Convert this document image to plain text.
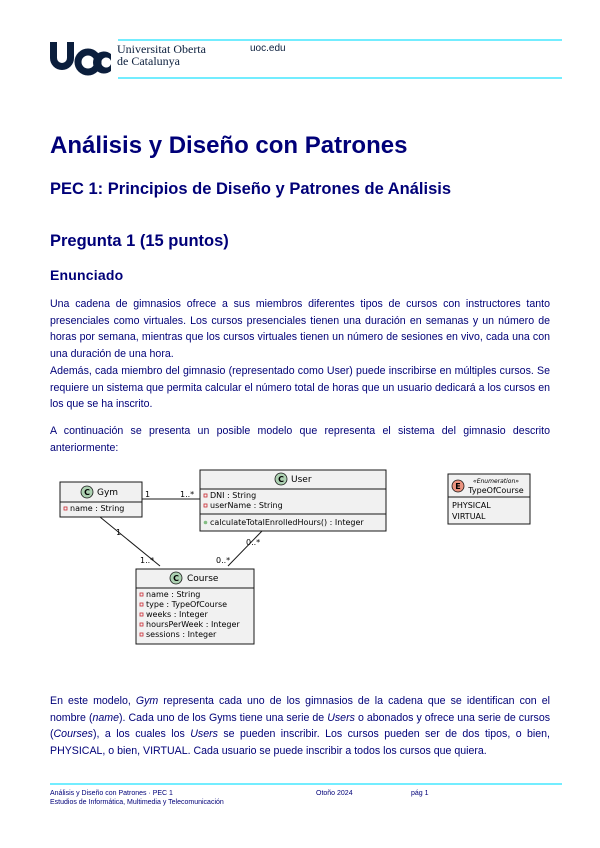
Universitat Oberta
de Catalunya
uoc.edu
Análisis y Diseño con Patrones
PEC 1: Principios de Diseño y Patrones de Análisis
Pregunta 1 (15 puntos)
Enunciado

Una cadena de gimnasios ofrece a sus miembros diferentes tipos de cursos con instructores tanto presenciales como virtuales. Los cursos presenciales tienen una duración en semanas y un número de horas por semana, mientras que los cursos virtuales tienen un número de sesiones en vivo, cada una con una duración de una hora.

Además, cada miembro del gimnasio (representado como User) puede inscribirse en múltiples cursos. Se requiere un sistema que permita calcular el número total de horas que un usuario dedicará a los cursos en los que se ha inscrito.

A continuación se presenta un posible modelo que representa el sistema del gimnasio descrito anteriormente:

1	1..*
1
1..*
0..*
0..*
C Gym
name : String
C User
DNI : String
userName : String
calculateTotalEnrolledHours() : Integer
C Course
name : String
type : TypeOfCourse
weeks : Integer
hoursPerWeek : Integer
sessions : Integer
E
«Enumeration»
TypeOfCourse
PHYSICAL
VIRTUAL

En este modelo, Gym representa cada uno de los gimnasios de la cadena que se identifican con el nombre (name). Cada uno de los Gyms tiene una serie de Users o abonados y ofrece una serie de cursos (Courses), a los cuales los Users se pueden inscribir. Los cursos pueden ser de dos tipos, o bien, PHYSICAL, o bien, VIRTUAL. Cada usuario se puede inscribir a todos los cursos que quiera.

Análisis y Diseño con Patrones · PEC 1
Estudios de Informática, Multimedia y Telecomunicación
Otoño 2024	pág 1
